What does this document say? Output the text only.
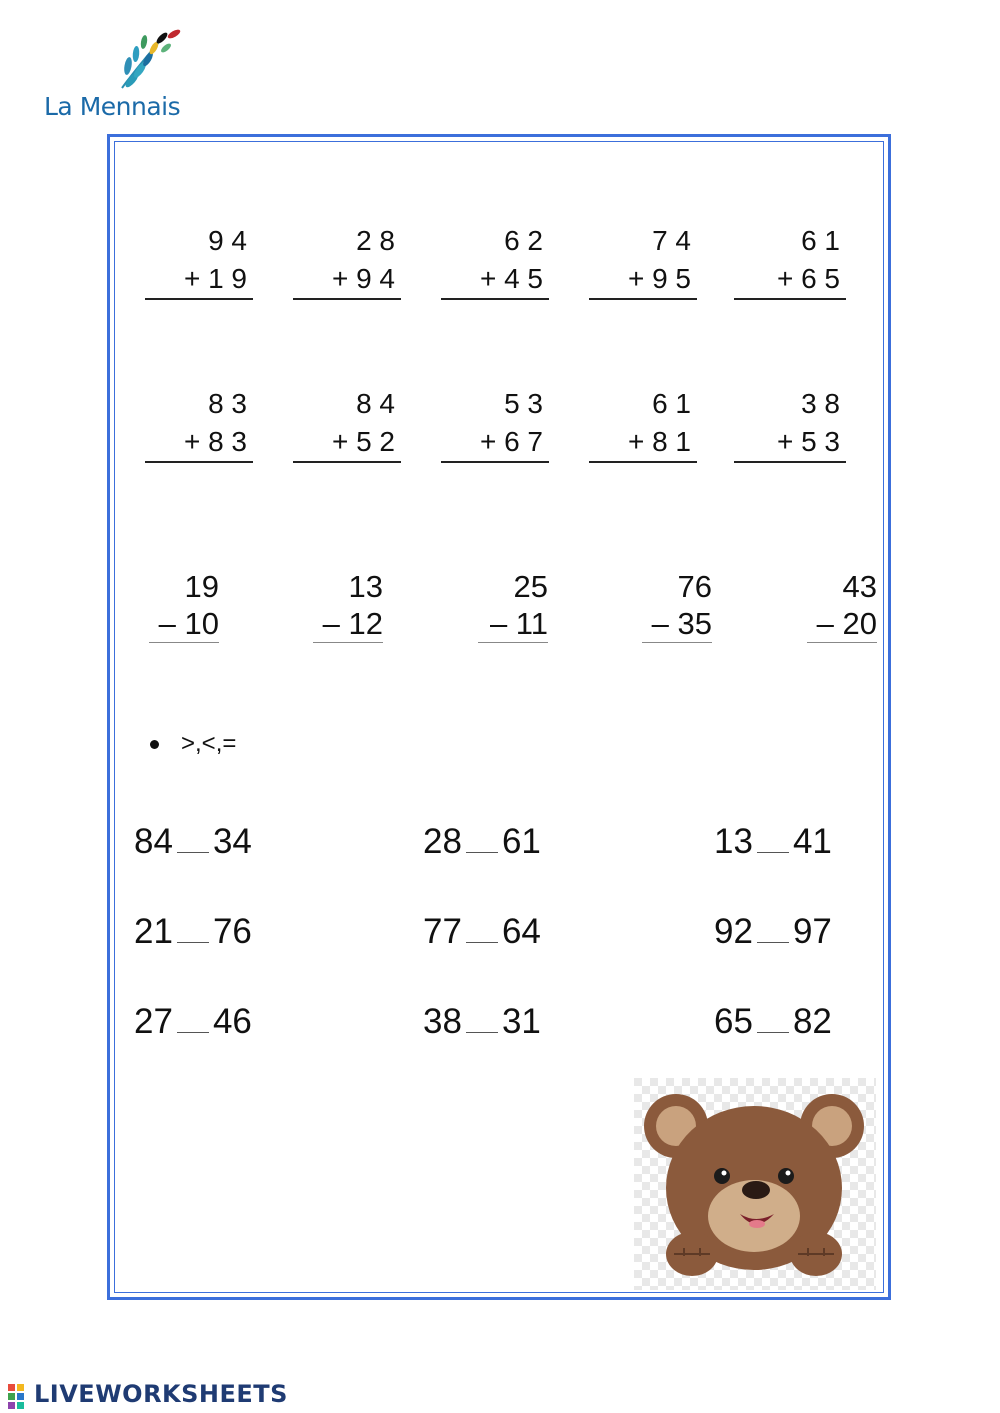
La Mennais
9 4
+ 1 9
2 8
+ 9 4
6 2
+ 4 5
7 4
+ 9 5
6 1
+ 6 5
8 3
+ 8 3
8 4
+ 5 2
5 3
+ 6 7
6 1
+ 8 1
3 8
+ 5 3
19
– 10
13
– 12
25
– 11
76
– 35
43
– 20
>,<,=
84 34	28 61	13 41
21 76	77 64	92 97
27 46	38 31	65 82
LIVEWORKSHEETS
